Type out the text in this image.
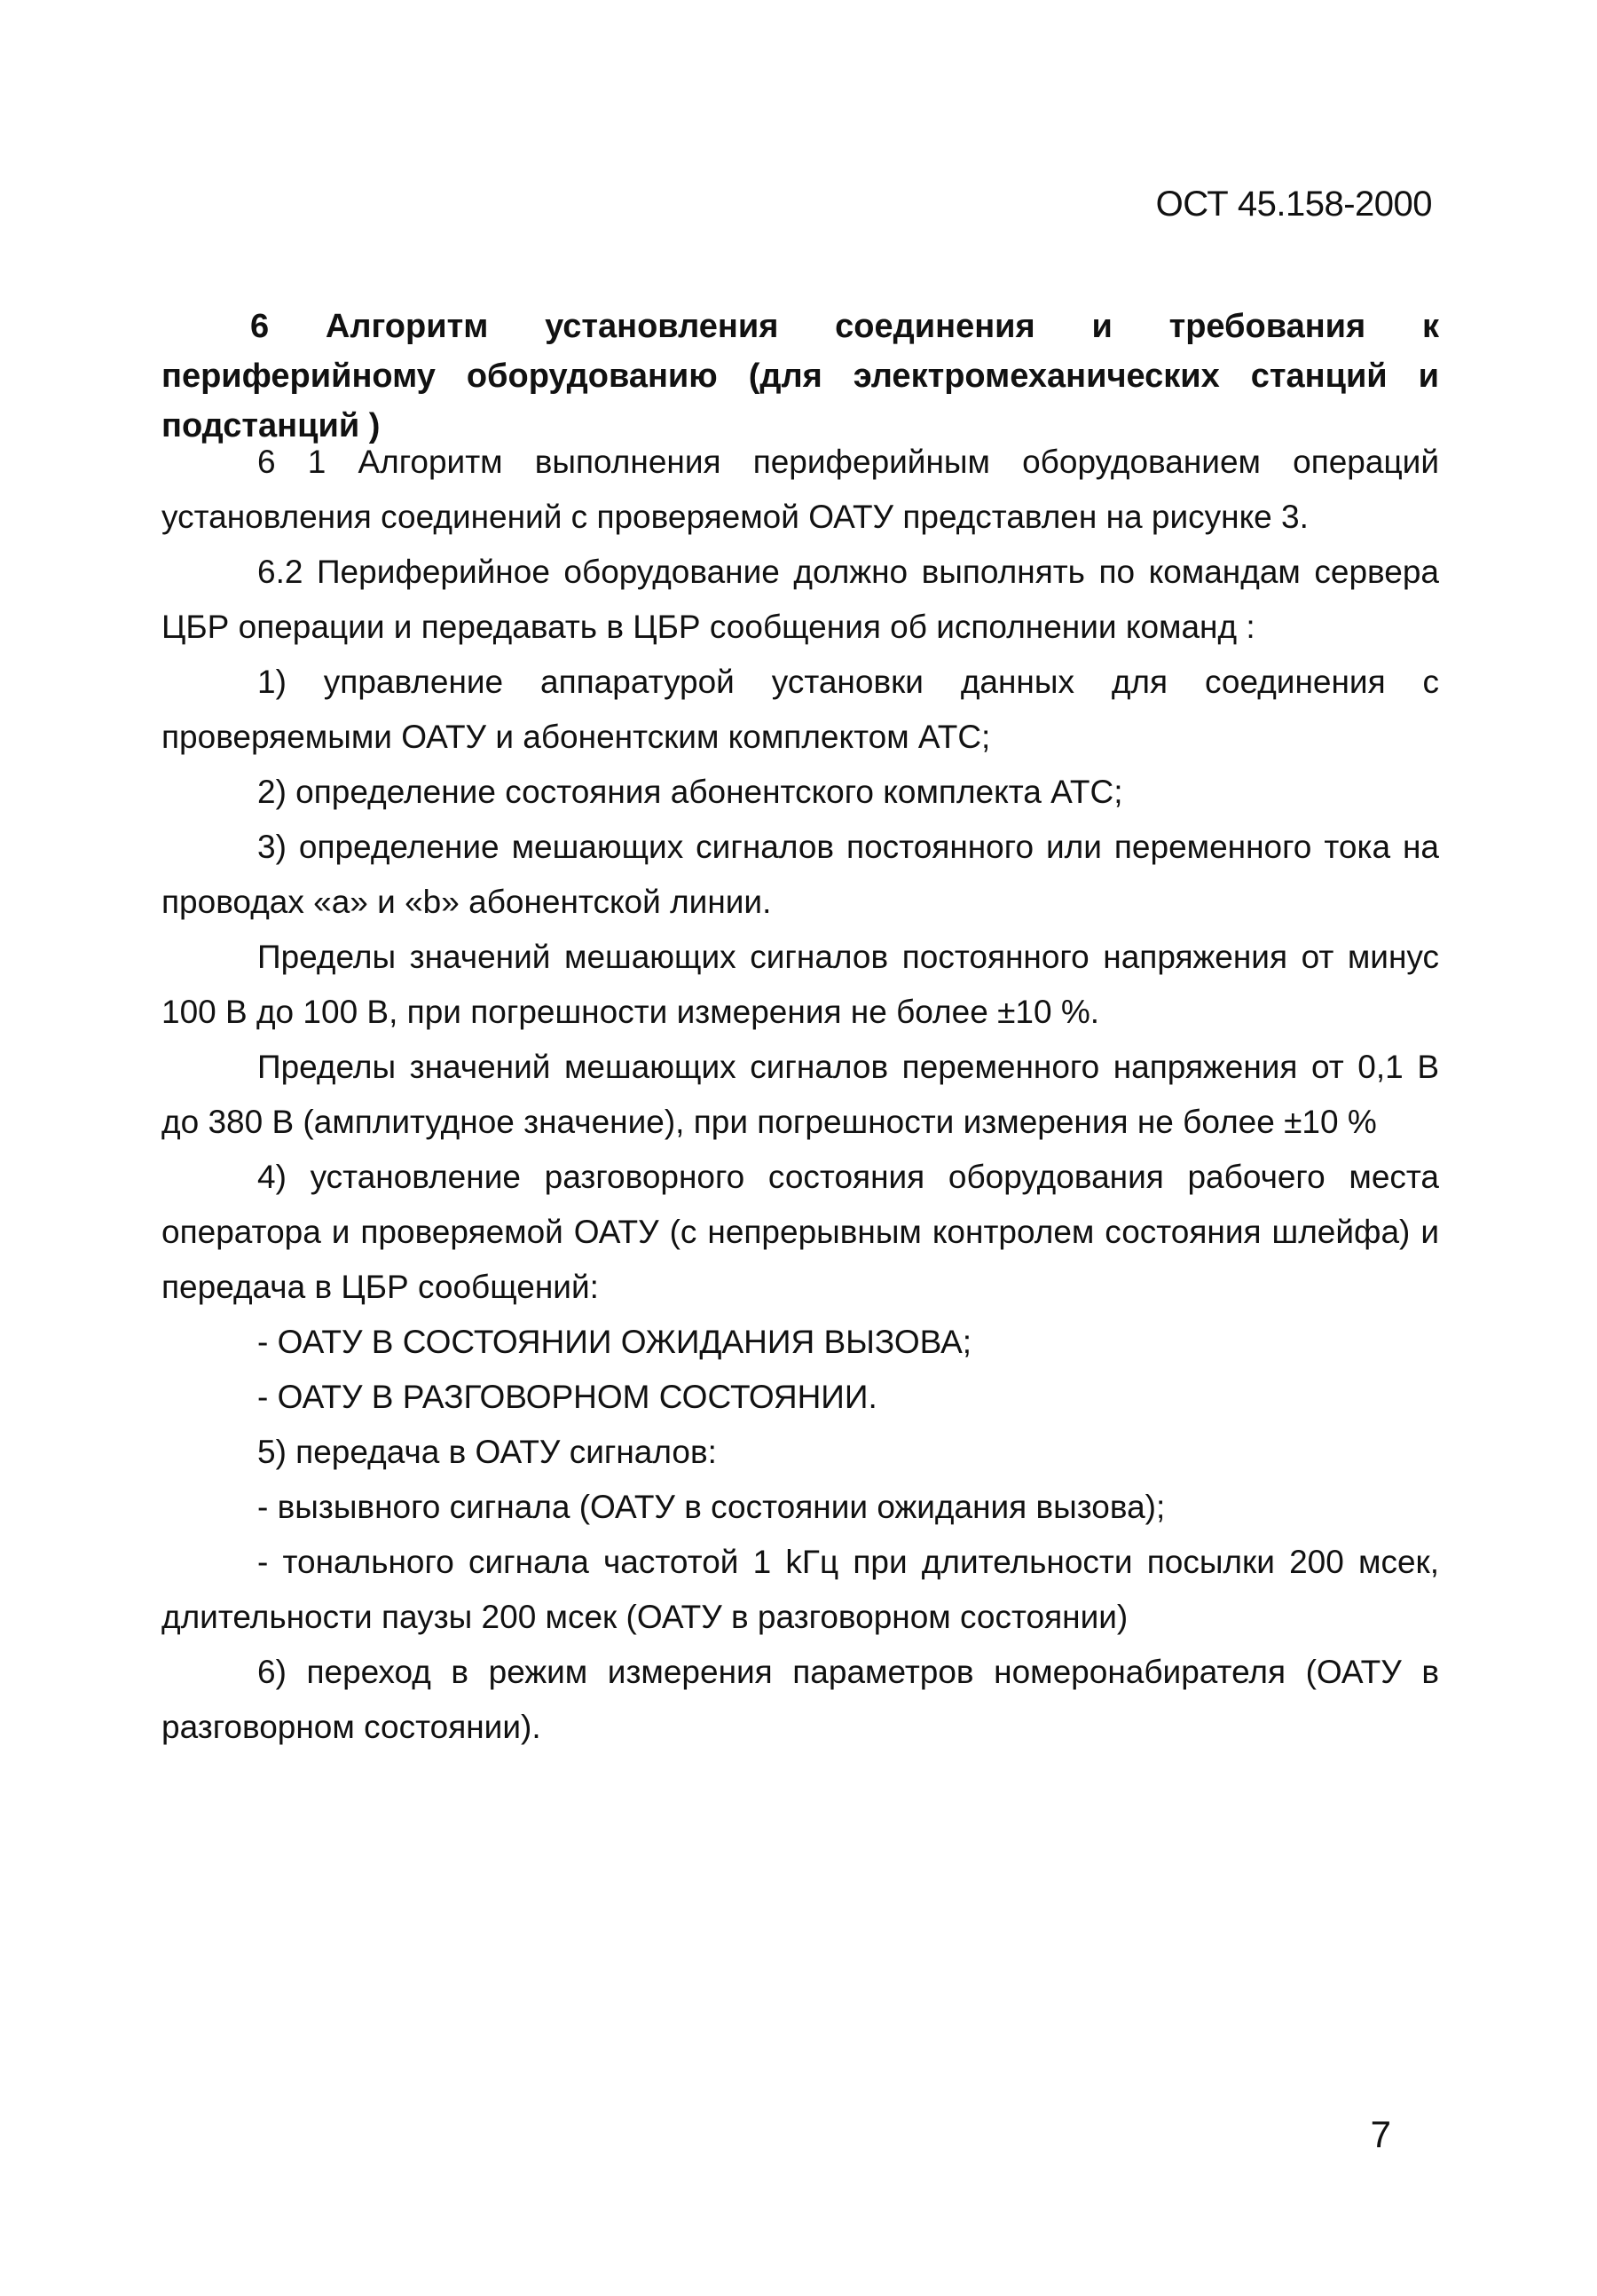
ОСТ 45.158-2000
6 Алгоритм установления соединения и требования к периферийному оборудованию (для электромеханических станций и подстанций )

6 1 Алгоритм выполнения периферийным оборудованием операций установления соединений с проверяемой ОАТУ представлен на рисунке 3.

6.2 Периферийное оборудование должно выполнять по командам сервера ЦБР операции и передавать в ЦБР сообщения об исполнении команд :

1) управление аппаратурой установки данных для соединения с проверяемыми ОАТУ и абонентским комплектом АТС;

2) определение состояния абонентского комплекта АТС;

3) определение мешающих сигналов постоянного или переменного тока на проводах «а» и «b» абонентской линии.

Пределы значений мешающих сигналов постоянного напряжения от минус 100 В до 100 В, при погрешности измерения не более ±10 %.

Пределы значений мешающих сигналов переменного напряжения от 0,1 В до 380 В (амплитудное значение), при погрешности измерения не более ±10 %

4) установление разговорного состояния оборудования рабочего места оператора и проверяемой ОАТУ (с непрерывным контролем состояния шлейфа) и передача в ЦБР сообщений:

- ОАТУ В СОСТОЯНИИ ОЖИДАНИЯ ВЫЗОВА;

- ОАТУ В РАЗГОВОРНОМ СОСТОЯНИИ.

5) передача в ОАТУ сигналов:

- вызывного сигнала (ОАТУ в состоянии ожидания вызова);

- тонального сигнала частотой 1 kГц при длительности посылки 200 мсек, длительности паузы 200 мсек (ОАТУ в разговорном состоянии)

6) переход в режим измерения параметров номеронабирателя (ОАТУ в разговорном состоянии).

7
